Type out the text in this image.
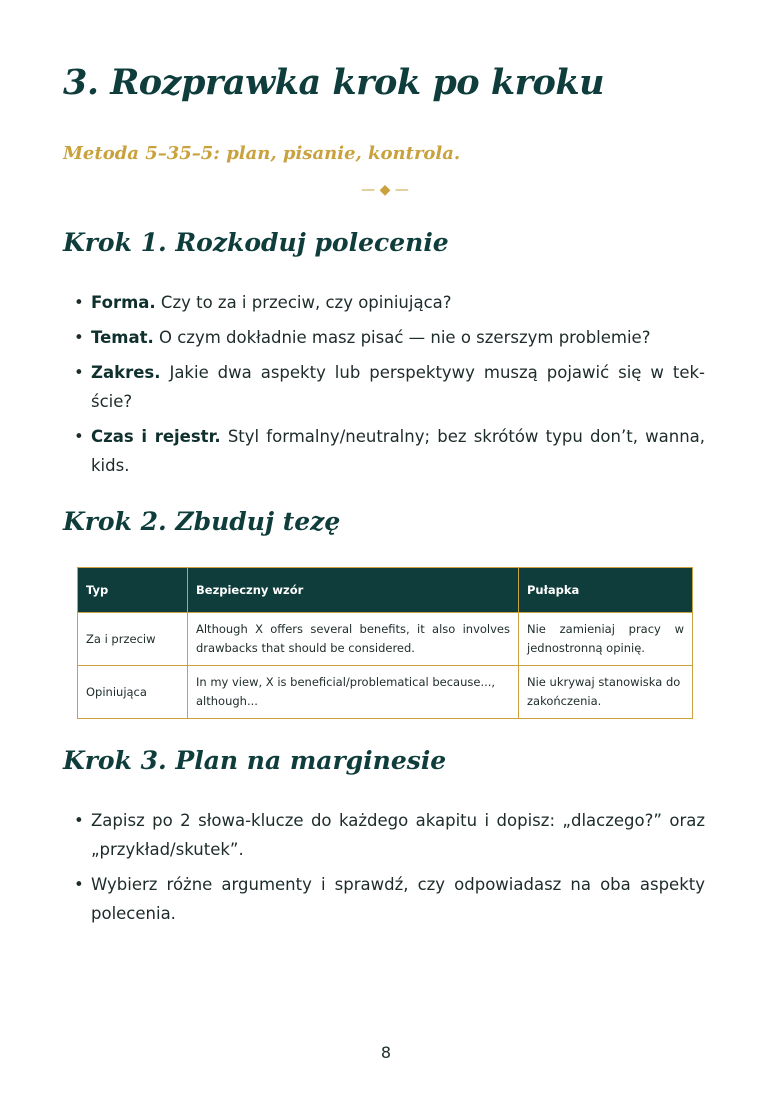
3. Rozprawka krok po kroku

Metoda 5–35–5: plan, pisanie, kontrola.

— ◆ —
Krok 1. Rozkoduj polecenie
• Forma. Czy to za i przeciw, czy opiniująca?
• Temat. O czym dokładnie masz pisać — nie o szerszym problemie?
• Zakres. Jakie dwa aspekty lub perspektywy muszą pojawić się w tek-ście?
• Czas i rejestr. Styl formalny/neutralny; bez skrótów typu don’t, wanna, kids.
Krok 2. Zbuduj tezę
Typ	Bezpieczny wzór	Pułapka
Za i przeciw	Although X offers several benefits, it also involves drawbacks that should be considered.	Nie zamieniaj pracy w jednostronną opinię.
Opiniująca	In my view, X is beneficial/problematical because..., although...	Nie ukrywaj stanowiska do zakończenia.
Krok 3. Plan na marginesie
• Zapisz po 2 słowa-klucze do każdego akapitu i dopisz: „dlaczego?” oraz „przykład/skutek”.
• Wybierz różne argumenty i sprawdź, czy odpowiadasz na oba aspekty polecenia.
8
